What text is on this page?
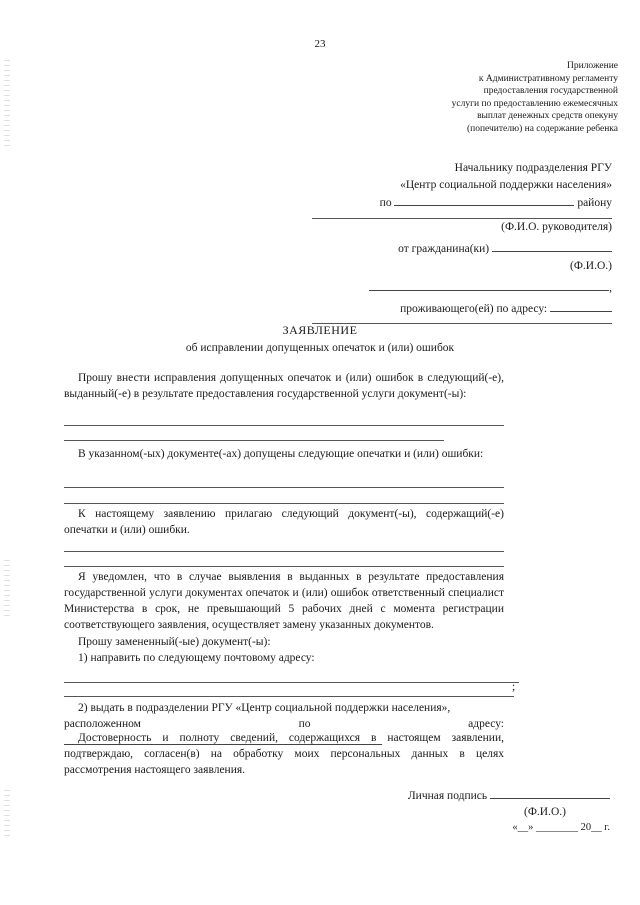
23
Приложение
к Административному регламенту
предоставления государственной
услуги по предоставлению ежемесячных
выплат денежных средств опекуну
(попечителю) на содержание ребенка
Начальнику подразделения РГУ
«Центр социальной поддержки населения»
по	району
(Ф.И.О. руководителя)
от гражданина(ки)
(Ф.И.О.)
,
проживающего(ей) по адресу:
ЗАЯВЛЕНИЕ
об исправлении допущенных опечаток и (или) ошибок
Прошу внести исправления допущенных опечаток и (или) ошибок в следующий(-е), выданный(-е) в результате предоставления государственной услуги документ(-ы):
В указанном(-ых) документе(-ах) допущены следующие опечатки и (или) ошибки:
К настоящему заявлению прилагаю следующий документ(-ы), содержащий(-е) опечатки и (или) ошибки.
Я уведомлен, что в случае выявления в выданных в результате предоставления государственной услуги документах опечаток и (или) ошибок ответственный специалист Министерства в срок, не превышающий 5 рабочих дней с момента регистрации соответствующего заявления, осуществляет замену указанных документов.
Прошу замененный(-ые) документ(-ы):
1) направить по следующему почтовому адресу:
;
2) выдать в подразделении РГУ «Центр социальной поддержки населения»,
расположенном по адресу:
Достоверность и полноту сведений, содержащихся в настоящем заявлении, подтверждаю, согласен(в) на обработку моих персональных данных в целях рассмотрения настоящего заявления.
Личная подпись
(Ф.И.О.)
«__» ________ 20__ г.
